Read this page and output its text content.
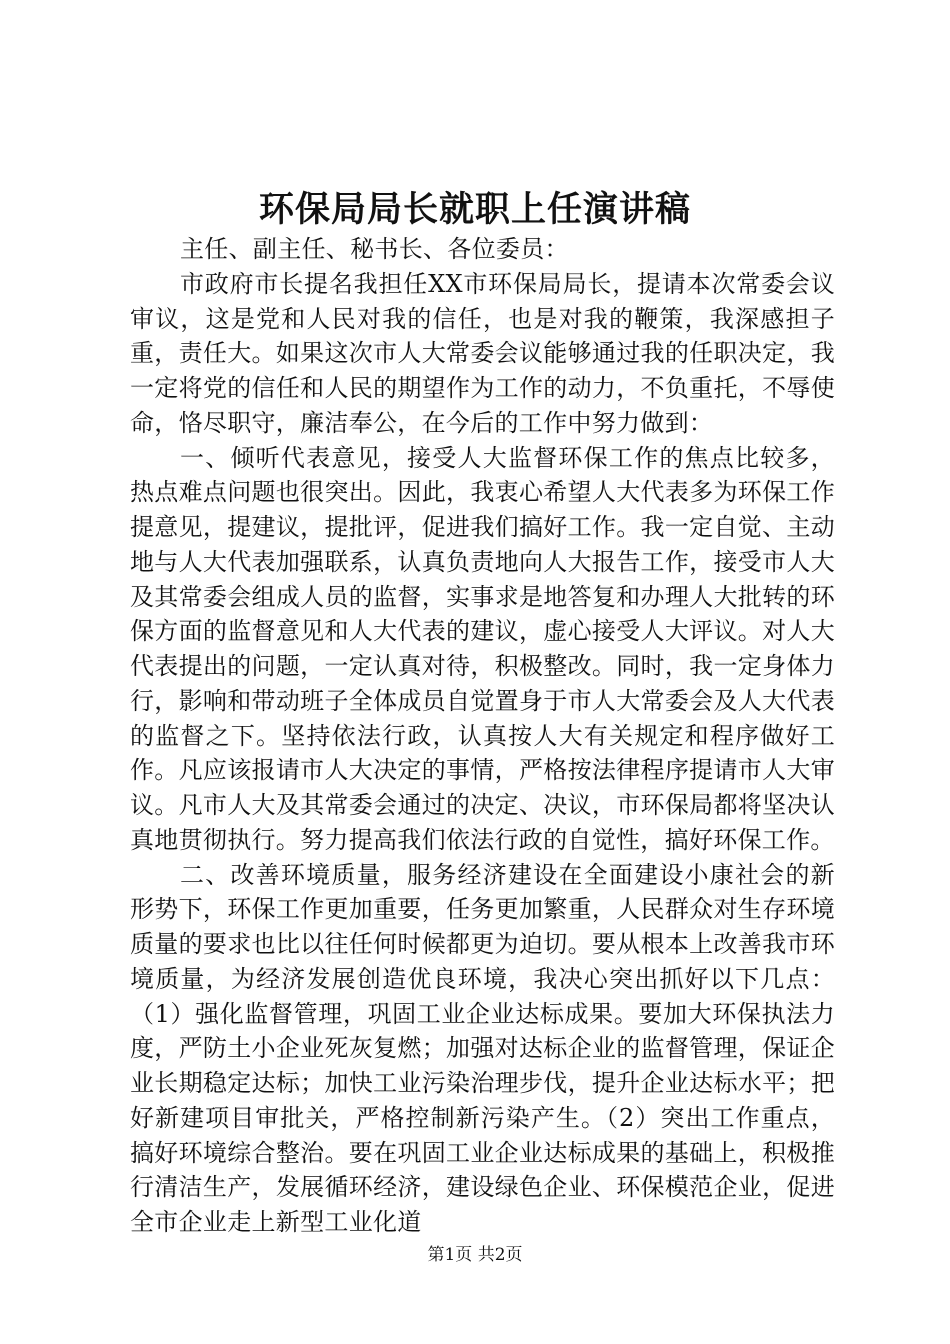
环保局局长就职上任演讲稿

主任、副主任、秘书长、各位委员：

市政府市长提名我担任XX市环保局局长，提请本次常委会议审议，这是党和人民对我的信任，也是对我的鞭策，我深感担子重，责任大。如果这次市人大常委会议能够通过我的任职决定，我一定将党的信任和人民的期望作为工作的动力，不负重托，不辱使命，恪尽职守，廉洁奉公，在今后的工作中努力做到：

一、倾听代表意见，接受人大监督环保工作的焦点比较多，热点难点问题也很突出。因此，我衷心希望人大代表多为环保工作提意见，提建议，提批评，促进我们搞好工作。我一定自觉、主动地与人大代表加强联系，认真负责地向人大报告工作，接受市人大及其常委会组成人员的监督，实事求是地答复和办理人大批转的环保方面的监督意见和人大代表的建议，虚心接受人大评议。对人大代表提出的问题，一定认真对待，积极整改。同时，我一定身体力行，影响和带动班子全体成员自觉置身于市人大常委会及人大代表的监督之下。坚持依法行政，认真按人大有关规定和程序做好工作。凡应该报请市人大决定的事情，严格按法律程序提请市人大审议。凡市人大及其常委会通过的决定、决议，市环保局都将坚决认真地贯彻执行。努力提高我们依法行政的自觉性，搞好环保工作。

二、改善环境质量，服务经济建设在全面建设小康社会的新形势下，环保工作更加重要，任务更加繁重，人民群众对生存环境质量的要求也比以往任何时候都更为迫切。要从根本上改善我市环境质量，为经济发展创造优良环境，我决心突出抓好以下几点：（1）强化监督管理，巩固工业企业达标成果。要加大环保执法力度，严防土小企业死灰复燃；加强对达标企业的监督管理，保证企业长期稳定达标；加快工业污染治理步伐，提升企业达标水平；把好新建项目审批关，严格控制新污染产生。（2）突出工作重点，搞好环境综合整治。要在巩固工业企业达标成果的基础上，积极推行清洁生产，发展循环经济，建设绿色企业、环保模范企业，促进全市企业走上新型工业化道

第1页 共2页
